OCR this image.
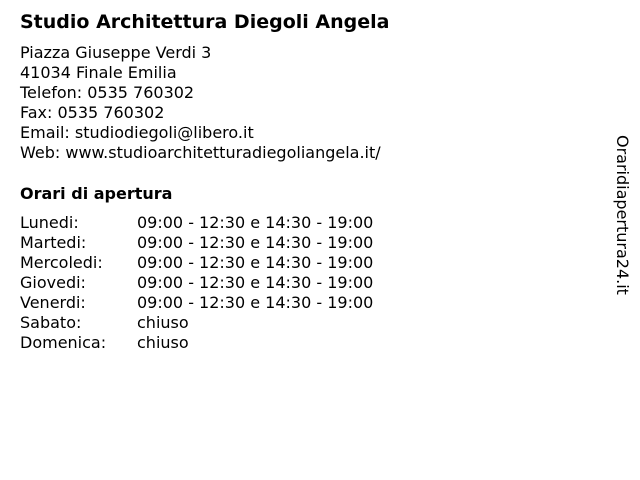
Studio Architettura Diegoli Angela
Piazza Giuseppe Verdi 3
41034 Finale Emilia
Telefon: 0535 760302
Fax: 0535 760302
Email: studiodiegoli@libero.it
Web: www.studioarchitetturadiegoliangela.it/
Orari di apertura
Lunedi:	09:00 - 12:30 e 14:30 - 19:00
Martedi:	09:00 - 12:30 e 14:30 - 19:00
Mercoledi: 09:00 - 12:30 e 14:30 - 19:00
Giovedi:	09:00 - 12:30 e 14:30 - 19:00
Venerdi:	09:00 - 12:30 e 14:30 - 19:00
Sabato:	chiuso
Domenica: chiuso
Oraridiapertura24.it
